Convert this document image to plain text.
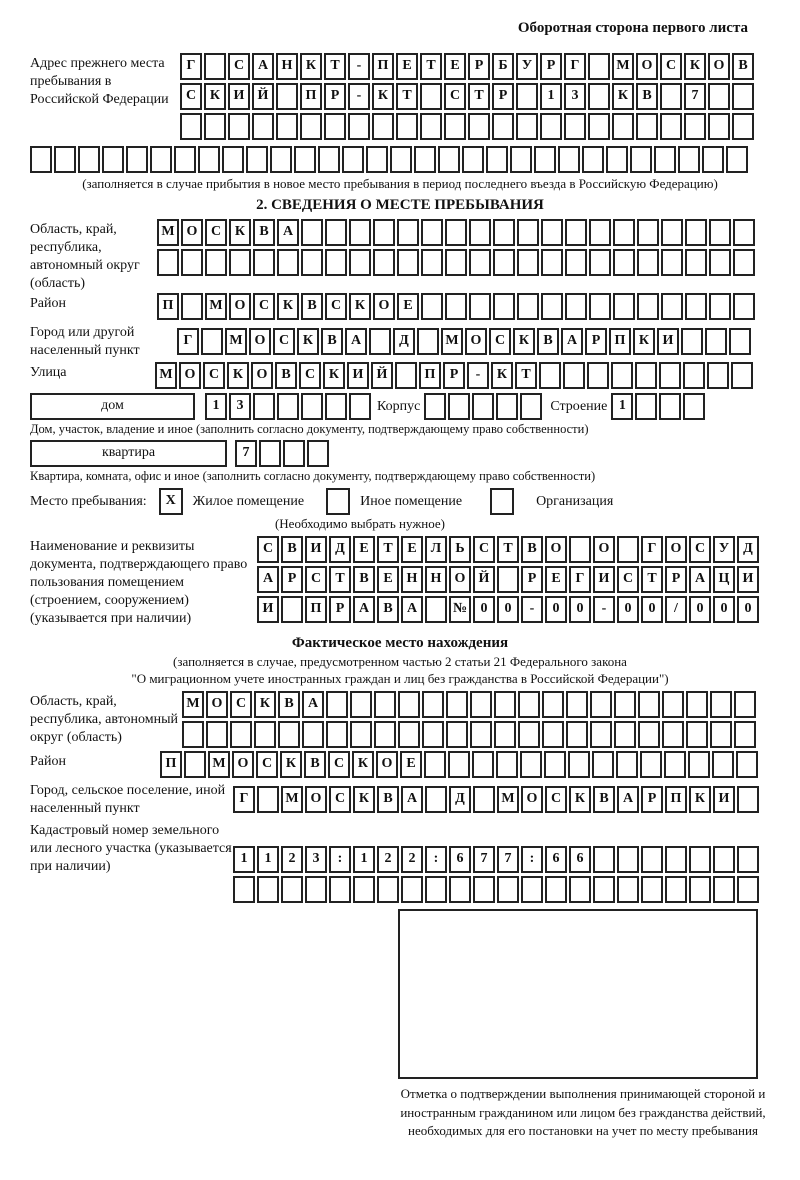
Оборотная сторона первого листа
Адрес прежнего места пребывания в Российской Федерации
Г	С А Н К	Т	-	П Е	Т	Е	Р	Б	У	Р	Г	М О С К О В
С К И Й	П	Р	-	К	Т	С	Т	Р	1	3	К	В	7
(заполняется в случае прибытия в новое место пребывания в период последнего въезда в Российскую Федерацию)
2. СВЕДЕНИЯ О МЕСТЕ ПРЕБЫВАНИЯ
Область, край, республика, автономный округ (область)
М О С К	В	А
Район	П	М О С К	В	С К О Е
Город или другой населенный пункт
Г	М О С К	В	А	Д	М О С К	В	А	Р	П К И
Улица	М О С К О В	С К И Й	П	Р	-	К	Т
дом	1	3	Корпус	Строение 1
Дом, участок, владение и иное (заполнить согласно документу, подтверждающему право собственности)
квартира	7
Квартира, комната, офис и иное (заполнить согласно документу, подтверждающему право собственности)
Место пребывания:	X	Жилое помещение	Иное помещение	Организация
(Необходимо выбрать нужное)
Наименование и реквизиты документа, подтверждающего право пользования помещением (строением, сооружением) (указывается при наличии)
С	В И Д	Е	Т	Е	Л	Ь	С	Т	В О	О	Г	О С У	Д
А	Р	С	Т	В	Е Н Н О Й	Р	Е	Г	И С	Т	Р	А Ц И
И	П	Р	А	В	А	№ 0	0	-	0	0	-	0	0	/	0	0	0
Фактическое место нахождения
(заполняется в случае, предусмотренном частью 2 статьи 21 Федерального закона
"О миграционном учете иностранных граждан и лиц без гражданства в Российской Федерации")
Область, край, республика, автономный округ (область)
М О С К	В	А
Район	П	М О С К	В	С К О Е
Город, сельское поселение, иной населенный пункт
Г	М О С К	В	А	Д	М О С К	В	А	Р	П К И
Кадастровый номер земельного или лесного участка (указывается при наличии)
1	1	2	3	:	1	2	2	:	6	7	7	:	6	6
Отметка о подтверждении выполнения принимающей стороной и иностранным гражданином или лицом без гражданства действий, необходимых для его постановки на учет по месту пребывания
